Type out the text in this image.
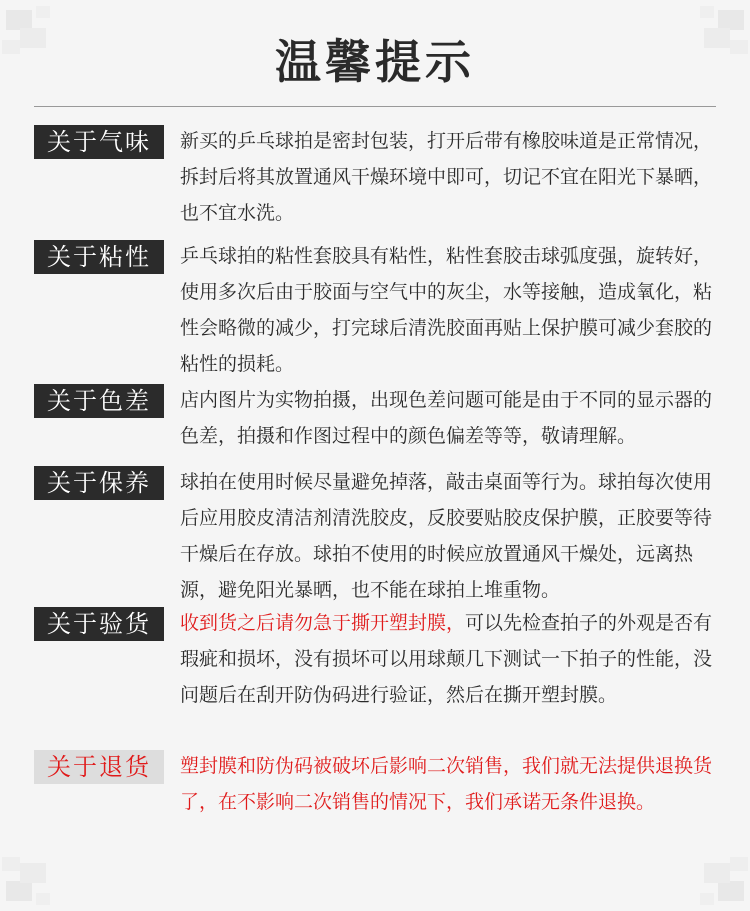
温馨提示
关于气味	新买的乒乓球拍是密封包装，打开后带有橡胶味道是正常情况，拆封后将其放置通风干燥环境中即可，切记不宜在阳光下暴晒，也不宜水洗。
关于粘性	乒乓球拍的粘性套胶具有粘性，粘性套胶击球弧度强，旋转好，使用多次后由于胶面与空气中的灰尘，水等接触，造成氧化，粘性会略微的减少，打完球后清洗胶面再贴上保护膜可减少套胶的粘性的损耗。
关于色差	店内图片为实物拍摄，出现色差问题可能是由于不同的显示器的色差，拍摄和作图过程中的颜色偏差等等，敬请理解。
关于保养	球拍在使用时候尽量避免掉落，敲击桌面等行为。球拍每次使用后应用胶皮清洁剂清洗胶皮，反胶要贴胶皮保护膜，正胶要等待干燥后在存放。球拍不使用的时候应放置通风干燥处，远离热源，避免阳光暴晒，也不能在球拍上堆重物。
关于验货	收到货之后请勿急于撕开塑封膜，可以先检查拍子的外观是否有瑕疵和损坏，没有损坏可以用球颠几下测试一下拍子的性能，没问题后在刮开防伪码进行验证，然后在撕开塑封膜。
关于退货	塑封膜和防伪码被破坏后影响二次销售，我们就无法提供退换货了，在不影响二次销售的情况下，我们承诺无条件退换。
